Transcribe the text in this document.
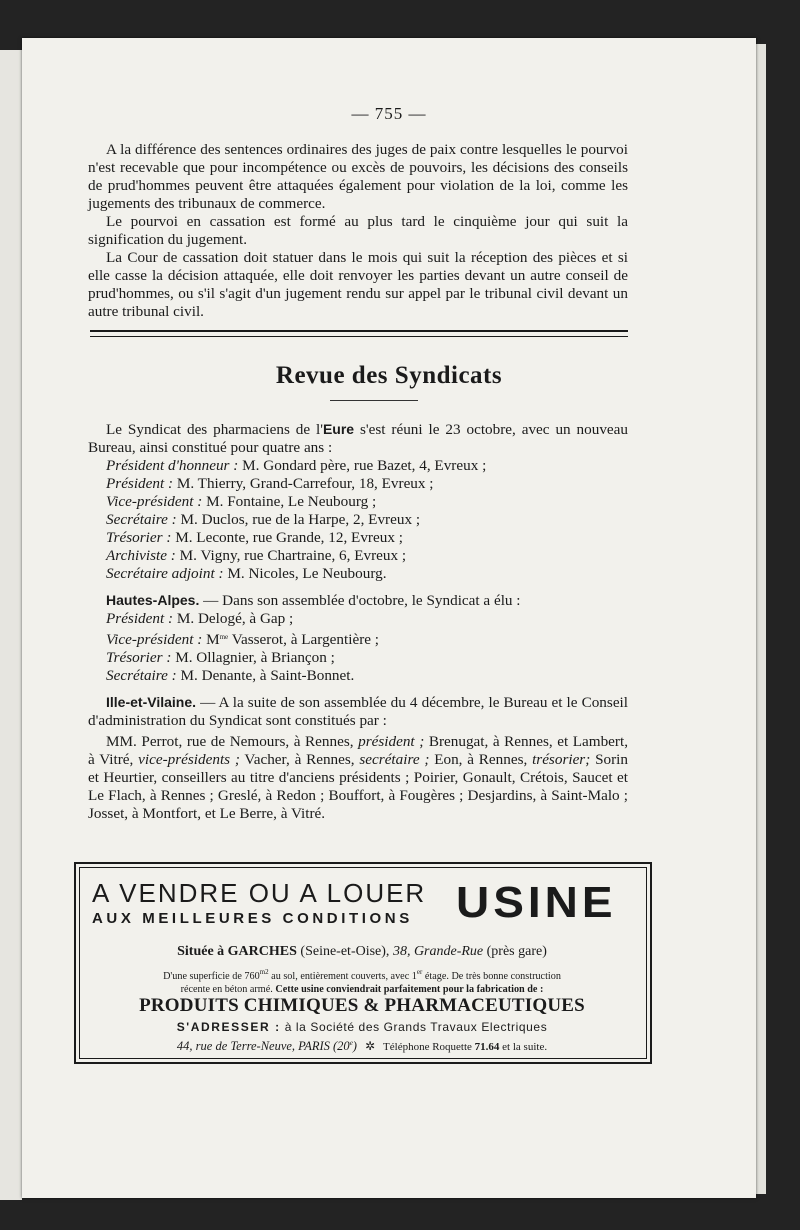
— 755 —

A la différence des sentences ordinaires des juges de paix contre lesquelles le pourvoi n'est recevable que pour incompétence ou excès de pouvoirs, les décisions des conseils de prud'hommes peuvent être attaquées également pour violation de la loi, comme les jugements des tribunaux de commerce.

Le pourvoi en cassation est formé au plus tard le cinquième jour qui suit la signification du jugement.

La Cour de cassation doit statuer dans le mois qui suit la réception des pièces et si elle casse la décision attaquée, elle doit renvoyer les parties devant un autre conseil de prud'hommes, ou s'il s'agit d'un jugement rendu sur appel par le tribunal civil devant un autre tribunal civil.

Revue des Syndicats

Le Syndicat des pharmaciens de l'Eure s'est réuni le 23 octobre, avec un nouveau Bureau, ainsi constitué pour quatre ans :

Président d'honneur : M. Gondard père, rue Bazet, 4, Evreux ;

Président : M. Thierry, Grand-Carrefour, 18, Evreux ;

Vice-président : M. Fontaine, Le Neubourg ;

Secrétaire : M. Duclos, rue de la Harpe, 2, Evreux ;

Trésorier : M. Leconte, rue Grande, 12, Evreux ;

Archiviste : M. Vigny, rue Chartraine, 6, Evreux ;

Secrétaire adjoint : M. Nicoles, Le Neubourg.

Hautes-Alpes. — Dans son assemblée d'octobre, le Syndicat a élu :

Président : M. Delogé, à Gap ;

Vice-président : $M^{me}$ Vasserot, à Largentière ;

Trésorier : M. Ollagnier, à Briançon ;

Secrétaire : M. Denante, à Saint-Bonnet.

Ille-et-Vilaine. — A la suite de son assemblée du 4 décembre, le Bureau et le Conseil d'administration du Syndicat sont constitués par :

MM. Perrot, rue de Nemours, à Rennes, président ; Brenugat, à Rennes, et Lambert, à Vitré, vice-présidents ; Vacher, à Rennes, secrétaire ; Eon, à Rennes, trésorier; Sorin et Heurtier, conseillers au titre d'anciens présidents ; Poirier, Gonault, Crétois, Saucet et Le Flach, à Rennes ; Greslé, à Redon ; Bouffort, à Fougères ; Desjardins, à Saint-Malo ; Josset, à Montfort, et Le Berre, à Vitré.

A VENDRE OU A LOUER
AUX MEILLEURES CONDITIONS USINE
Située à GARCHES (Seine-et-Oise), 38, Grande-Rue (près gare)
D'une superficie de $760^{m2}$ au sol, entièrement couverts, avec 1er étage. De très bonne construction
récente en béton armé. Cette usine conviendrait parfaitement pour la fabrication de :
PRODUITS CHIMIQUES & PHARMACEUTIQUES
S'ADRESSER : à la Société des Grands Travaux Electriques
44, rue de Terre-Neuve, PARIS (20e) ✲ Téléphone Roquette 71.64 et la suite.
